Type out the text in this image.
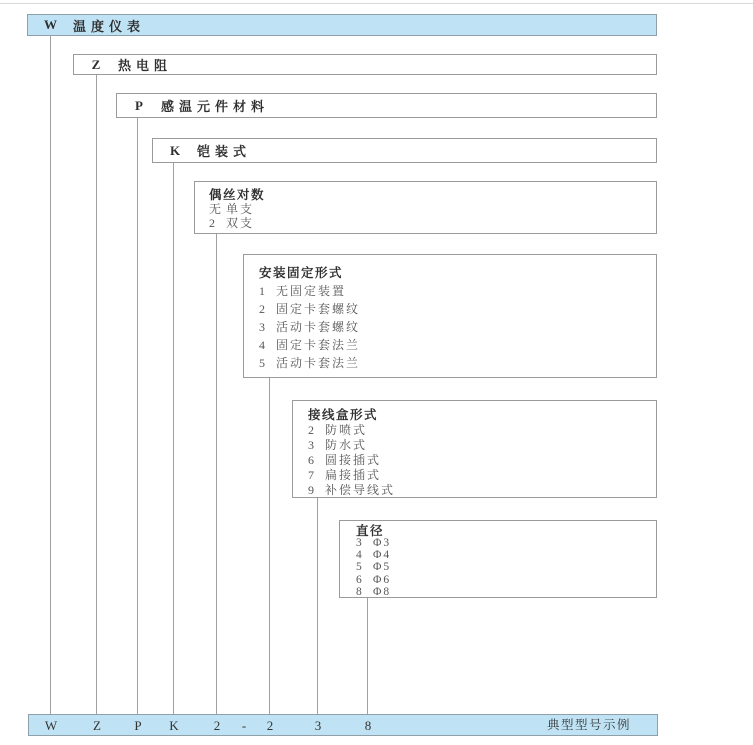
W 温度仪表
Z 热电阻
P 感温元件材料
K 铠装式
偶丝对数
无 单支
2 双支
安装固定形式
1 无固定装置
2 固定卡套螺纹
3 活动卡套螺纹
4 固定卡套法兰
5 活动卡套法兰
接线盒形式
2 防喷式
3 防水式
6 圆接插式
7 扁接插式
9 补偿导线式
直径
3 Φ3
4 Φ4
5 Φ5
6 Φ6
8 Φ8
W	Z	P K	2 - 2	3	8	典型型号示例
